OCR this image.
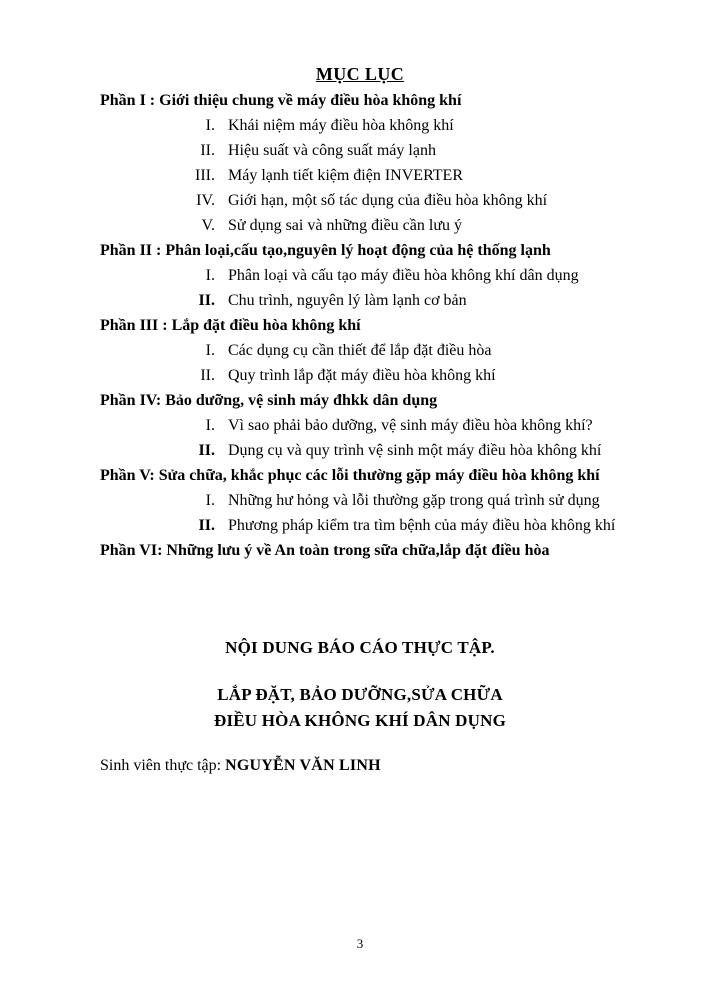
MỤC LỤC
Phần I : Giới thiệu chung về máy điều hòa không khí
I. Khái niệm máy điều hòa không khí
II. Hiệu suất và công suất máy lạnh
III. Máy lạnh tiết kiệm điện INVERTER
IV. Giới hạn, một số tác dụng của điều hòa không khí
V. Sử dụng sai và những điều cần lưu ý
Phần II : Phân loại,cấu tạo,nguyên lý hoạt động của hệ thống lạnh
I. Phân loại và cấu tạo máy điều hòa không khí dân dụng
II. Chu trình, nguyên lý làm lạnh cơ bản
Phần III : Lắp đặt điều hòa không khí
I. Các dụng cụ cần thiết để lắp đặt điều hòa
II. Quy trình lắp đặt máy điều hòa không khí
Phần IV: Bảo dưỡng, vệ sinh máy đhkk dân dụng
I. Vì sao phải bảo dưỡng, vệ sinh máy điều hòa không khí?
II. Dụng cụ và quy trình vệ sinh một máy điều hòa không khí
Phần V: Sửa chữa, khắc phục các lỗi thường gặp máy điều hòa không khí
I. Những hư hỏng và lỗi thường gặp trong quá trình sử dụng
II. Phương pháp kiểm tra tìm bệnh của máy điều hòa không khí
Phần VI: Những lưu ý về An toàn trong sữa chữa,lắp đặt điều hòa
NỘI DUNG BÁO CÁO THỰC TẬP.
LẮP ĐẶT, BẢO DƯỠNG,SỬA CHỮA
ĐIỀU HÒA KHÔNG KHÍ DÂN DỤNG
Sinh viên thực tập: NGUYỄN VĂN LINH
3
